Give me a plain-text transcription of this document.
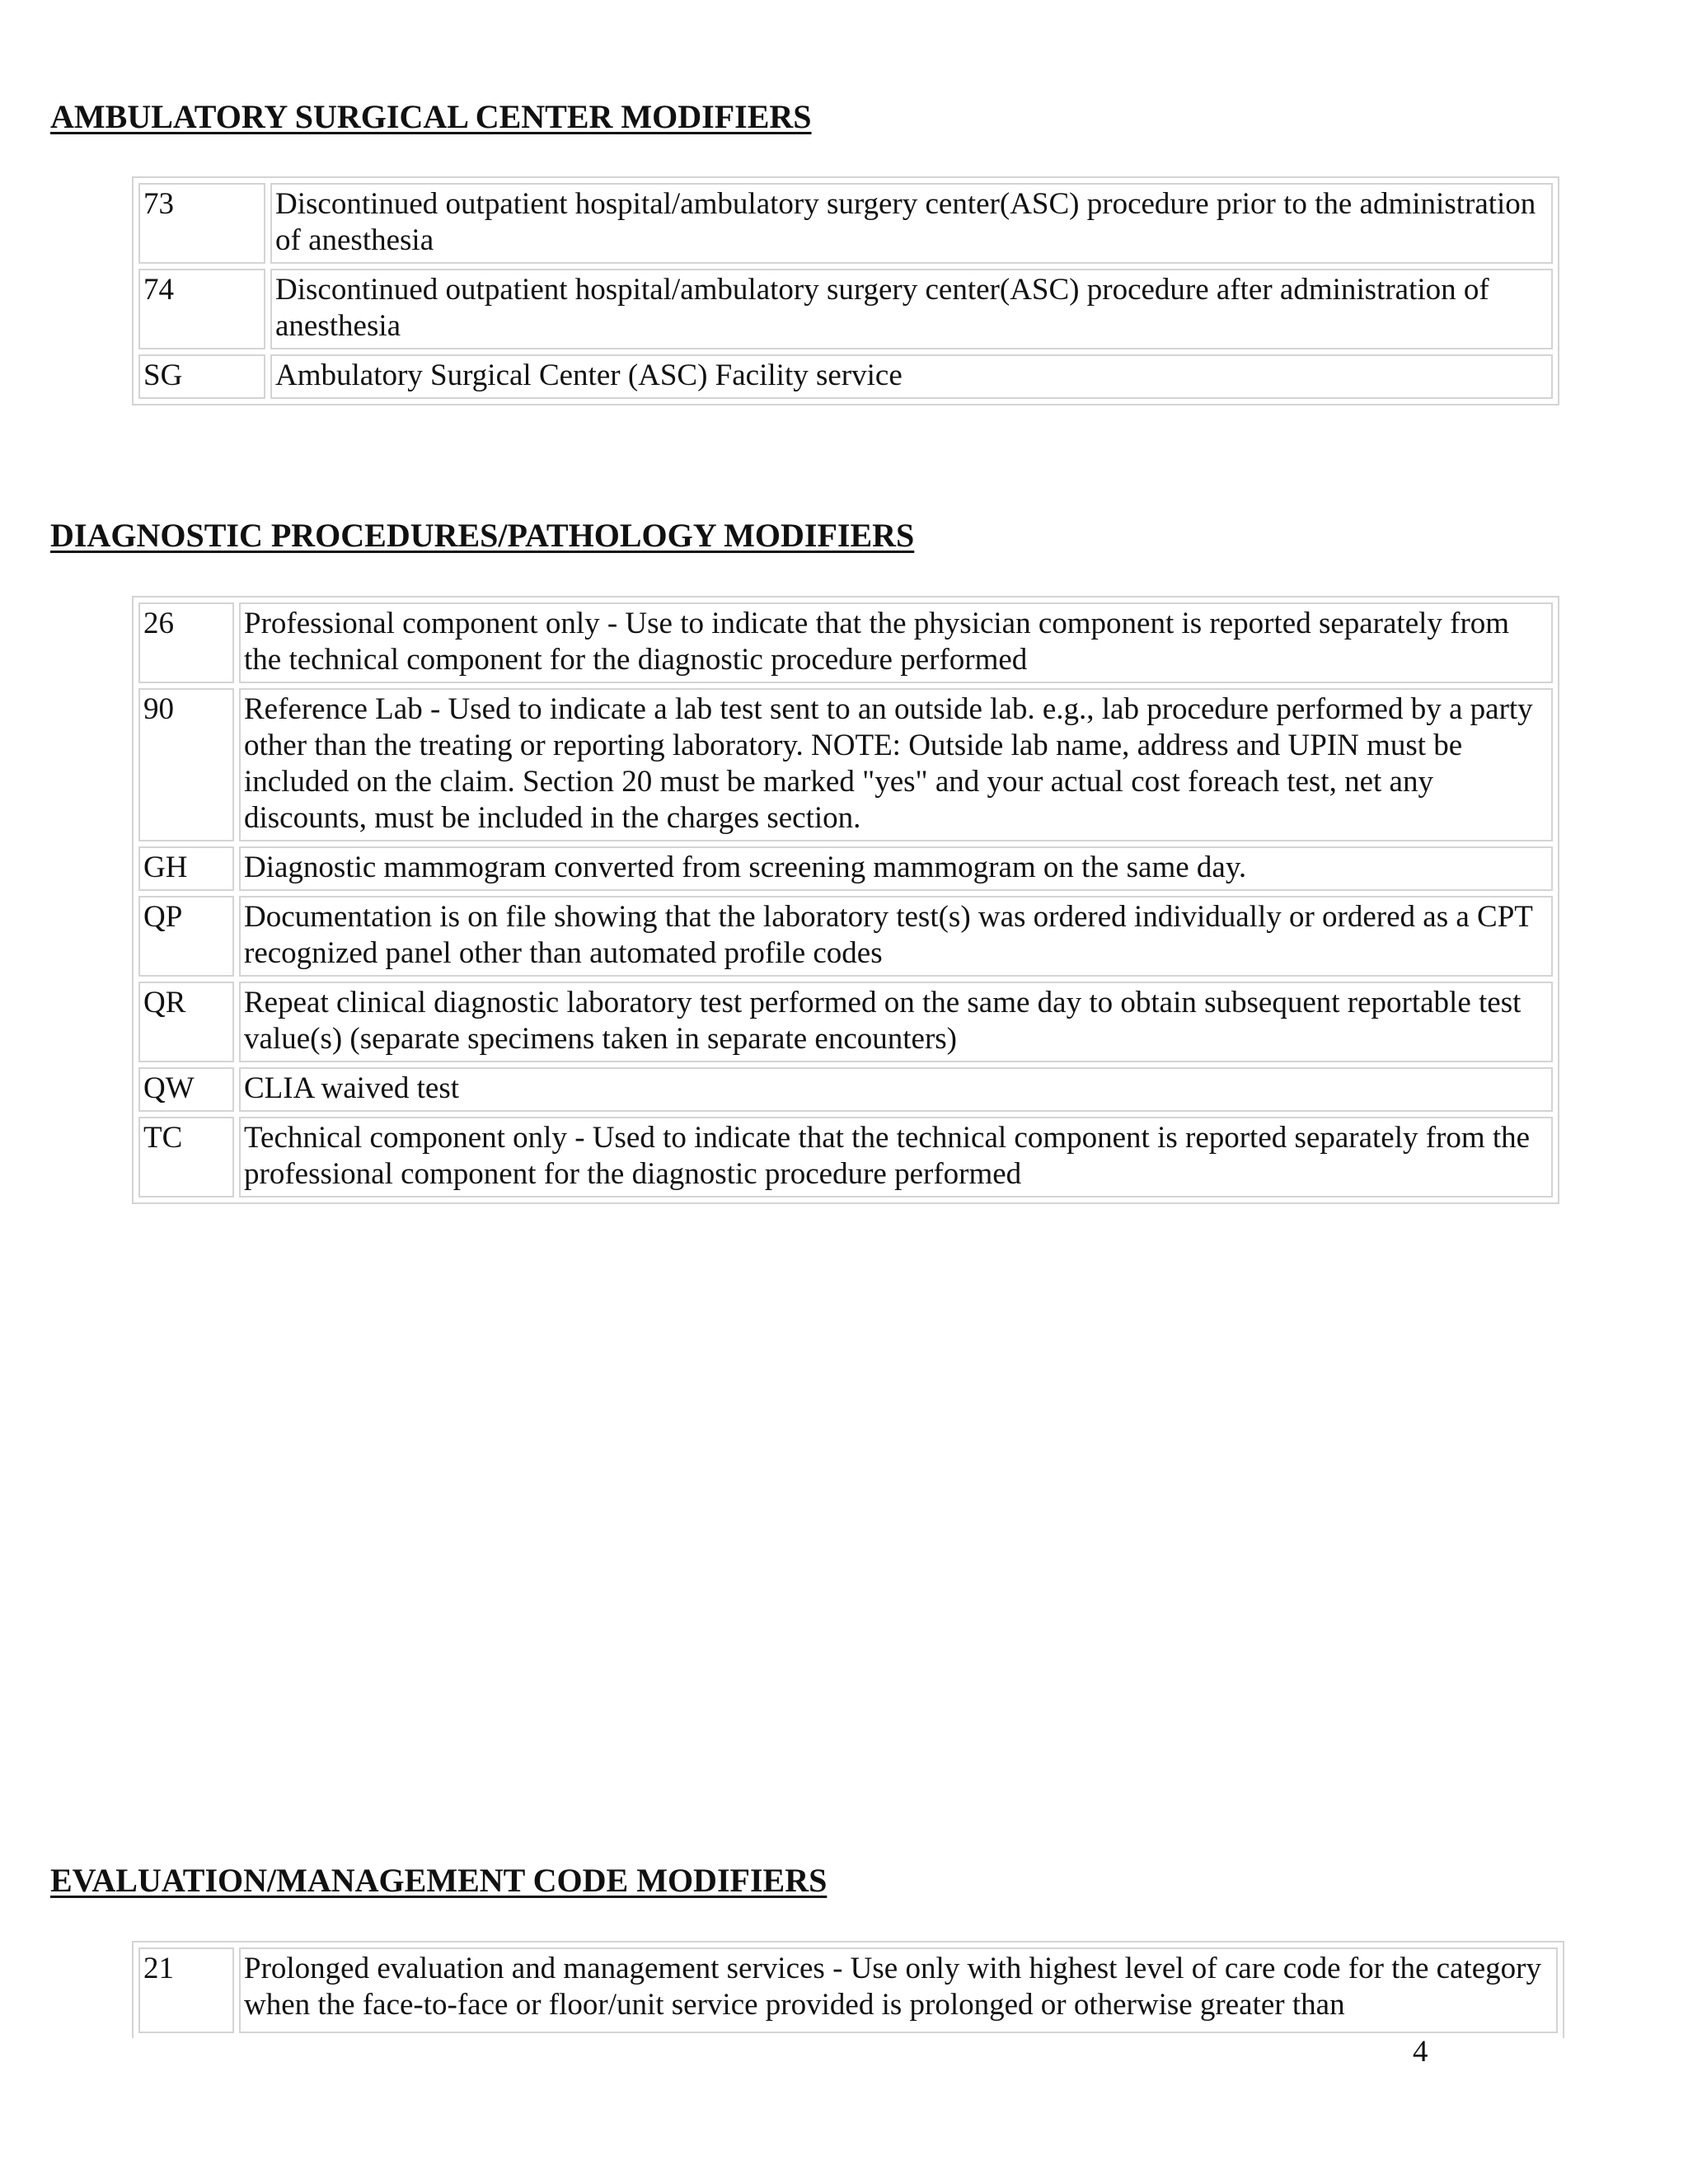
AMBULATORY SURGICAL CENTER MODIFIERS
73	Discontinued outpatient hospital/ambulatory surgery center(ASC) procedure prior to the administration of anesthesia
74	Discontinued outpatient hospital/ambulatory surgery center(ASC) procedure after administration of anesthesia
SG	Ambulatory Surgical Center (ASC) Facility service
DIAGNOSTIC PROCEDURES/PATHOLOGY MODIFIERS
26	Professional component only - Use to indicate that the physician component is reported separately from the technical component for the diagnostic procedure performed
90	Reference Lab - Used to indicate a lab test sent to an outside lab. e.g., lab procedure performed by a party other than the treating or reporting laboratory. NOTE: Outside lab name, address and UPIN must be included on the claim. Section 20 must be marked "yes" and your actual cost foreach test, net any discounts, must be included in the charges section.
GH	Diagnostic mammogram converted from screening mammogram on the same day.
QP	Documentation is on file showing that the laboratory test(s) was ordered individually or ordered as a CPT recognized panel other than automated profile codes
QR	Repeat clinical diagnostic laboratory test performed on the same day to obtain subsequent reportable test value(s) (separate specimens taken in separate encounters)
QW	CLIA waived test
TC	Technical component only - Used to indicate that the technical component is reported separately from the professional component for the diagnostic procedure performed
EVALUATION/MANAGEMENT CODE MODIFIERS
21	Prolonged evaluation and management services - Use only with highest level of care code for the category when the face-to-face or floor/unit service provided is prolonged or otherwise greater than
4
